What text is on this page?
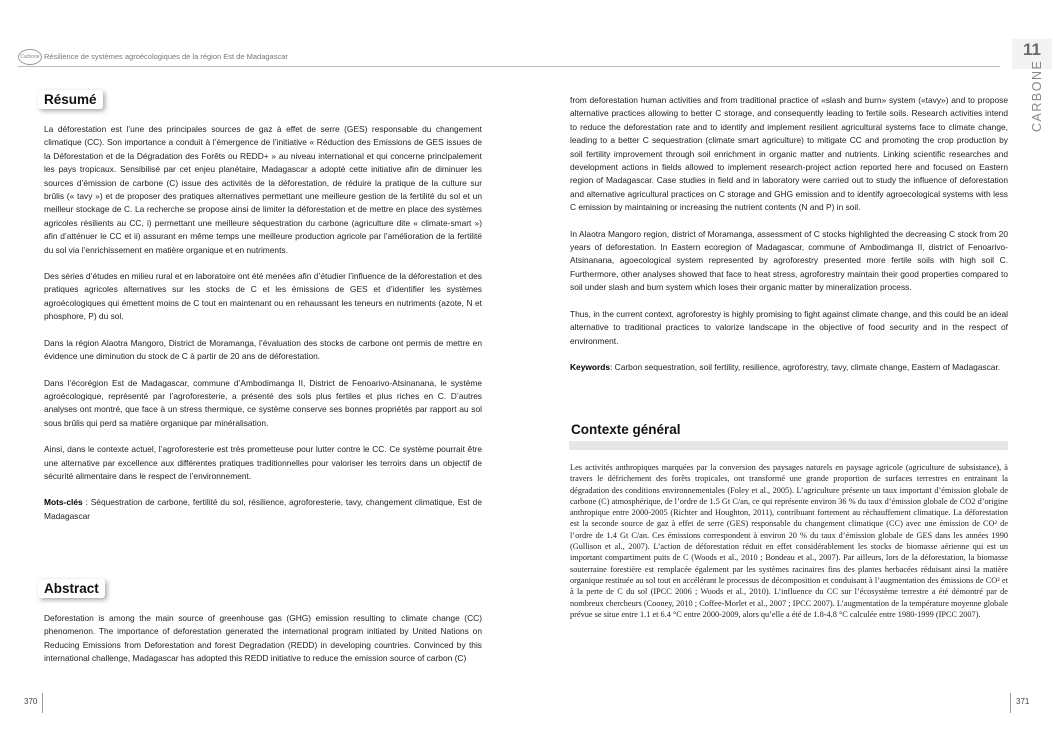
Carbone Résilience de systèmes agroécologiques de la région Est de Madagascar	11
CARBONE
Résumé

La déforestation est l’une des principales sources de gaz à effet de serre (GES) responsable du changement climatique (CC). Son importance a conduit à l’émergence de l’initiative « Réduction des Emissions de GES issues de la Déforestation et de la Dégradation des Forêts ou REDD+ » au niveau international et qui concerne principalement les pays tropicaux. Sensibilisé par cet enjeu planétaire, Madagascar a adopté cette initiative afin de diminuer les sources d’émission de carbone (C) issue des activités de la déforestation, de réduire la pratique de la culture sur brûlis (« tavy ») et de proposer des pratiques alternatives permettant une meilleure gestion de la fertilité du sol et un meilleur stockage de C. La recherche se propose ainsi de limiter la déforestation et de mettre en place des systèmes agricoles résilients au CC, i) permettant une meilleure séquestration du carbone (agriculture dite « climate-smart ») afin d’atténuer le CC et ii) assurant en même temps une meilleure production agricole par l’amélioration de la fertilité du sol via l’enrichissement en matière organique et en nutriments.

Des séries d’études en milieu rural et en laboratoire ont été menées afin d’étudier l’influence de la déforestation et des pratiques agricoles alternatives sur les stocks de C et les émissions de GES et d’identifier les systèmes agroécologiques qui émettent moins de C tout en maintenant ou en rehaussant les teneurs en nutriments (azote, N et phosphore, P) du sol.

Dans la région Alaotra Mangoro, District de Moramanga, l’évaluation des stocks de carbone ont permis de mettre en évidence une diminution du stock de C à partir de 20 ans de déforestation.

Dans l’écorégion Est de Madagascar, commune d’Ambodimanga II, District de Fenoarivo-Atsinanana, le système agroécologique, représenté par l’agroforesterie, a présenté des sols plus fertiles et plus riches en C. D’autres analyses ont montré, que face à un stress thermique, ce système conserve ses bonnes propriétés par rapport au sol sous brûlis qui perd sa matière organique par minéralisation.

Ainsi, dans le contexte actuel, l’agroforesterie est très prometteuse pour lutter contre le CC. Ce système pourrait être une alternative par excellence aux différentes pratiques traditionnelles pour valoriser les terroirs dans un objectif de sécurité alimentaire dans le respect de l’environnement.

Mots-clés : Séquestration de carbone, fertilité du sol, résilience, agroforesterie, tavy, changement climatique, Est de Madagascar

Abstract

Deforestation is among the main source of greenhouse gas (GHG) emission resulting to climate change (CC) phenomenon. The importance of deforestation generated the international program initiated by United Nations on Reducing Emissions from Deforestation and forest Degradation (REDD) in developing countries. Convinced by this international challenge, Madagascar has adopted this REDD initiative to reduce the emission source of carbon (C)

370

from deforestation human activities and from traditional practice of «slash and burn» system («tavy») and to propose alternative practices allowing to better C storage, and consequently leading to fertile soils. Research activities intend to reduce the deforestation rate and to identify and implement resilient agricultural systems face to climate change, leading to a better C sequestration (climate smart agriculture) to mitigate CC and promoting the crop production by soil fertility improvement through soil enrichment in organic matter and nutrients. Linking scientific researches and development actions in fields allowed to implement research-project action reported here and focused on Eastern region of Madagascar. Case studies in field and in laboratory were carried out to study the influence of deforestation and alternative agricultural practices on C storage and GHG emission and to identify agroecological systems with less C emission by maintaining or increasing the nutrient contents (N and P) in soil.

In Alaotra Mangoro region, district of Moramanga, assessment of C stocks highlighted the decreasing C stock from 20 years of deforestation. In Eastern ecoregion of Madagascar, commune of Ambodimanga II, district of Fenoarivo-Atsinanana, agoecological system represented by agroforestry presented more fertile soils with high soil C. Furthermore, other analyses showed that face to heat stress, agroforestry maintain their good properties compared to soil under slash and burn system which loses their organic matter by mineralization process.

Thus, in the current context, agroforestry is highly promising to fight against climate change, and this could be an ideal alternative to traditional practices to valorize landscape in the objective of food security and in the respect of environment.

Keywords: Carbon sequestration, soil fertility, resilience, agroforestry, tavy, climate change, Eastern of Madagascar.

Contexte général
Les activités anthropiques marquées par la conversion des paysages naturels en paysage agricole (agriculture de subsistance), à travers le défrichement des forêts tropicales, ont transformé une grande proportion de surfaces terrestres en entrainant la dégradation des conditions environnementales (Foley et al., 2005). L’agriculture présente un taux important d’émission globale de carbone (C) atmosphérique, de l’ordre de 1.5 Gt C/an, ce qui représente environ 36 % du taux d’émission globale de CO2 d’origine anthropique entre 2000-2005 (Richter and Houghton, 2011), contribuant fortement au réchauffement climatique. La déforestation est la seconde source de gaz à effet de serre (GES) responsable du changement climatique (CC) avec une émission de CO² de l’ordre de 1.4 Gt C/an. Ces émissions correspondent à environ 20 % du taux d’émission globale de GES dans les années 1990 (Gullison et al., 2007). L’action de déforestation réduit en effet considérablement les stocks de biomasse aérienne qui est un important compartiment puits de C (Woods et al., 2010 ; Bondeau et al., 2007). Par ailleurs, lors de la déforestation, la biomasse souterraine forestière est remplacée également par les systèmes racinaires fins des plantes herbacées réduisant ainsi la matière organique restituée au sol tout en accélérant le processus de décomposition et conduisant à l’augmentation des émissions de CO² et à la perte de C du sol (IPCC 2006 ; Woods et al., 2010). L’influence du CC sur l’écosystème terrestre a été démontré par de nombreux chercheurs (Cooney, 2010 ; Coffee-Morlet et al., 2007 ; IPCC 2007). L’augmentation de la température moyenne globale prévue se situe entre 1.1 et 6.4 °C entre 2000-2009, alors qu’elle a été de 1.8-4.8 °C calculée entre 1980-1999 (IPCC 2007).
371
